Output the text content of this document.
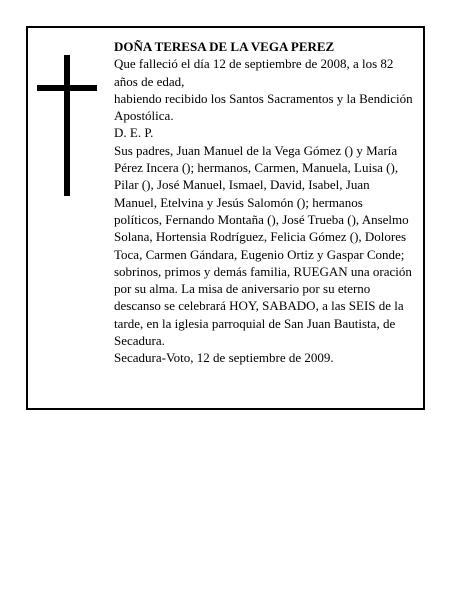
DOÑA TERESA DE LA VEGA PEREZ

Que falleció el día 12 de septiembre de 2008, a los 82 años de edad,

habiendo recibido los Santos Sacramentos y la Bendición Apostólica.

D. E. P.

Sus padres, Juan Manuel de la Vega Gómez () y María Pérez Incera (); hermanos, Carmen, Manuela, Luisa (), Pilar (), José Manuel, Ismael, David, Isabel, Juan Manuel, Etelvina y Jesús Salomón (); hermanos políticos, Fernando Montaña (), José Trueba (), Anselmo Solana, Hortensia Rodríguez, Felicia Gómez (), Dolores Toca, Carmen Gándara, Eugenio Ortiz y Gaspar Conde; sobrinos, primos y demás familia, RUEGAN una oración por su alma. La misa de aniversario por su eterno descanso se celebrará HOY, SABADO, a las SEIS de la tarde, en la iglesia parroquial de San Juan Bautista, de Secadura.

Secadura-Voto, 12 de septiembre de 2009.
